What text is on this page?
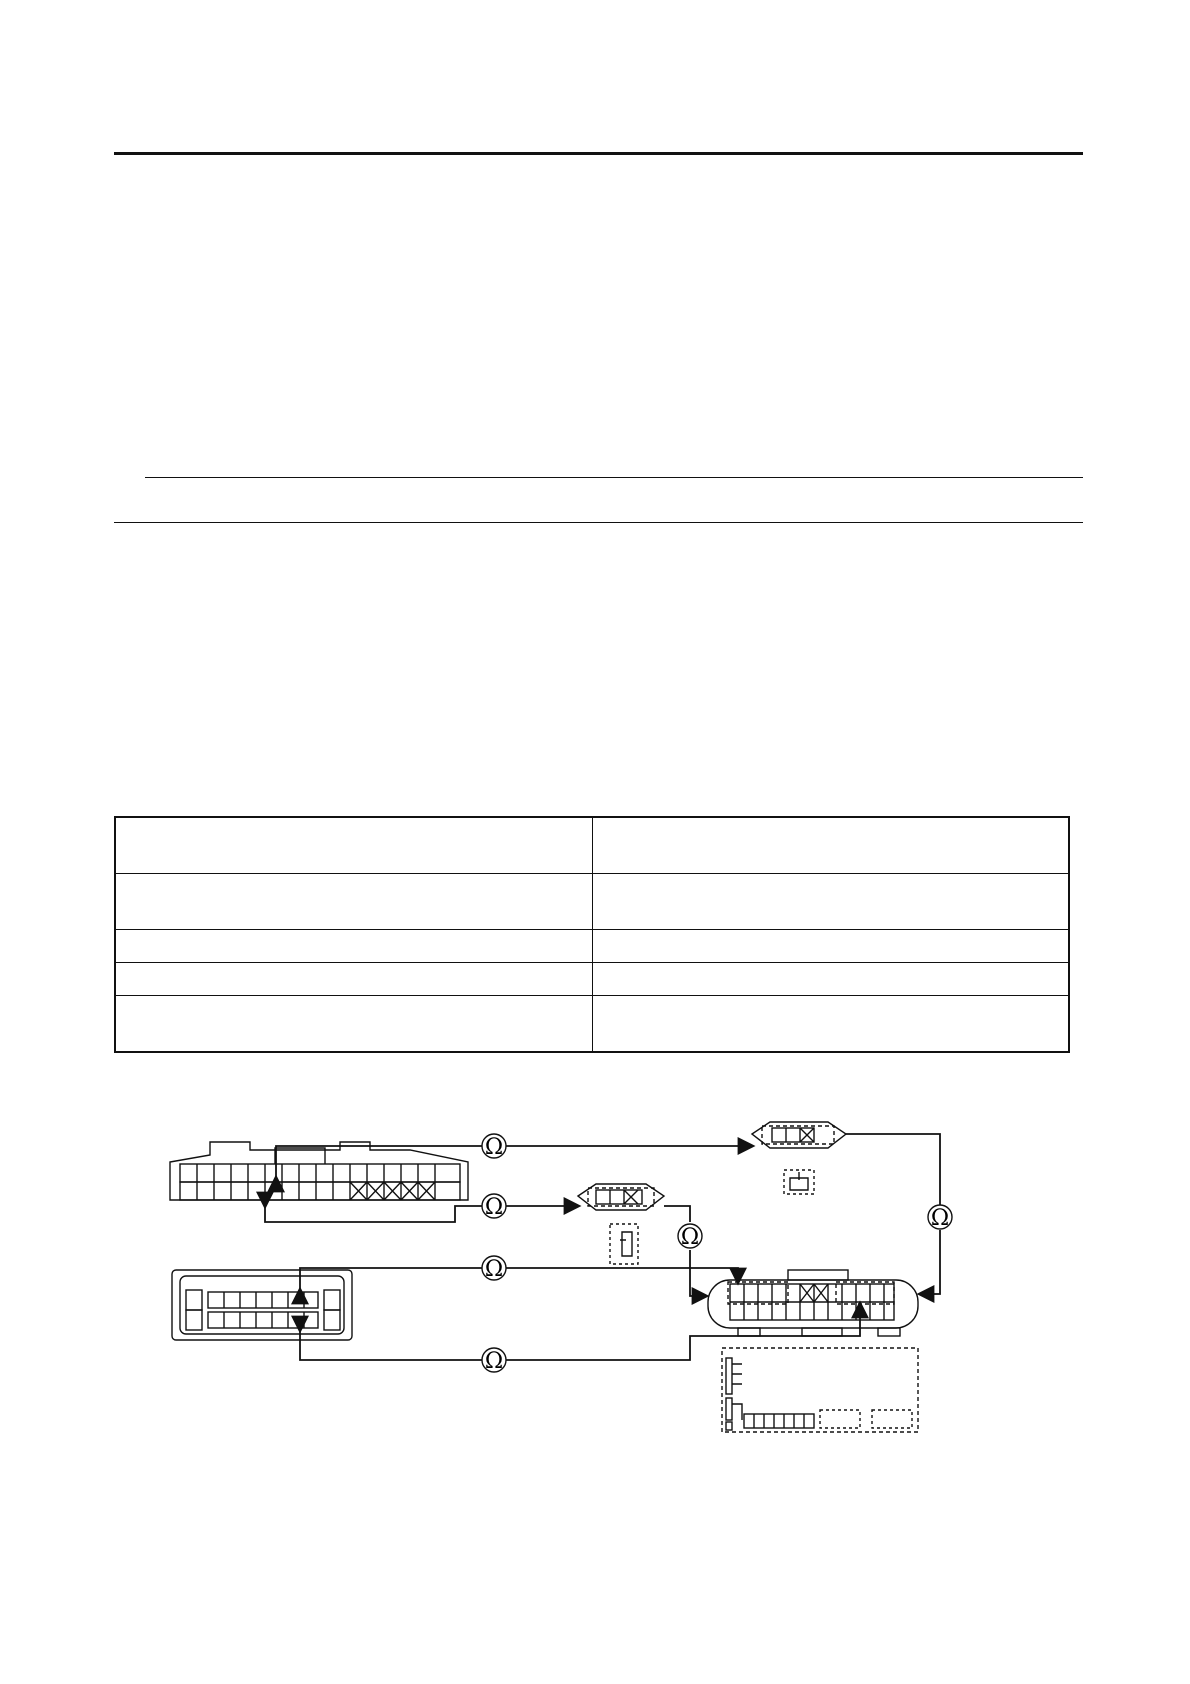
Ω
Ω
Ω
Ω
Ω
Ω
